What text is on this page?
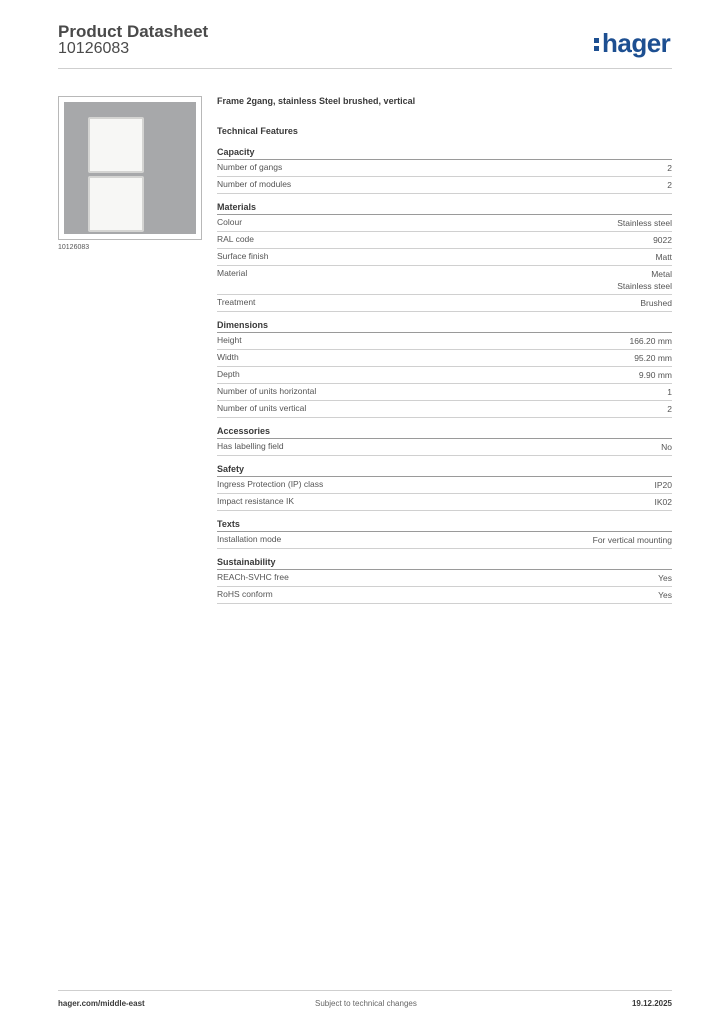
Product Datasheet
10126083	hager
10126083
Frame 2gang, stainless Steel brushed, vertical
Technical Features
Capacity
Number of gangs	2
Number of modules	2
Materials
Colour	Stainless steel
RAL code	9022
Surface finish	Matt
Material	Metal
Stainless steel
Treatment	Brushed
Dimensions
Height	166.20 mm
Width	95.20 mm
Depth	9.90 mm
Number of units horizontal	1
Number of units vertical	2
Accessories
Has labelling field	No
Safety
Ingress Protection (IP) class	IP20
Impact resistance IK	IK02
Texts
Installation mode	For vertical mounting
Sustainability
REACh-SVHC free	Yes
RoHS conform	Yes
hager.com/middle-east	Subject to technical changes	19.12.2025
